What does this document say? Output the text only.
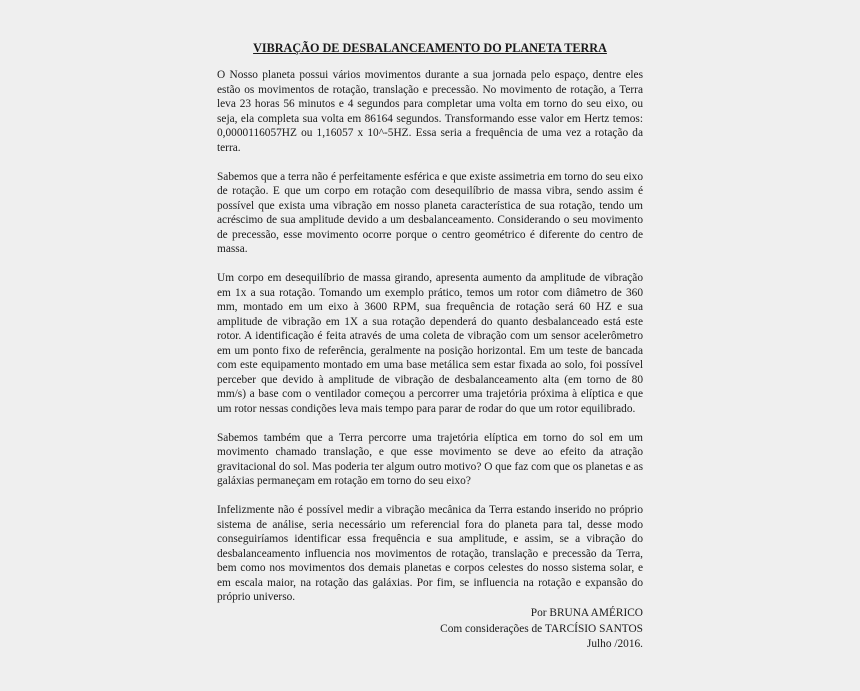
VIBRAÇÃO DE DESBALANCEAMENTO DO PLANETA TERRA

O Nosso planeta possui vários movimentos durante a sua jornada pelo espaço, dentre eles estão os movimentos de rotação, translação e precessão. No movimento de rotação, a Terra leva 23 horas 56 minutos e 4 segundos para completar uma volta em torno do seu eixo, ou seja, ela completa sua volta em 86164 segundos. Transformando esse valor em Hertz temos: 0,0000116057HZ ou 1,16057 x 10^-5HZ. Essa seria a frequência de uma vez a rotação da terra.

Sabemos que a terra não é perfeitamente esférica e que existe assimetria em torno do seu eixo de rotação. E que um corpo em rotação com desequilíbrio de massa vibra, sendo assim é possível que exista uma vibração em nosso planeta característica de sua rotação, tendo um acréscimo de sua amplitude devido a um desbalanceamento. Considerando o seu movimento de precessão, esse movimento ocorre porque o centro geométrico é diferente do centro de massa.

Um corpo em desequilíbrio de massa girando, apresenta aumento da amplitude de vibração em 1x a sua rotação. Tomando um exemplo prático, temos um rotor com diâmetro de 360 mm, montado em um eixo à 3600 RPM, sua frequência de rotação será 60 HZ e sua amplitude de vibração em 1X a sua rotação dependerá do quanto desbalanceado está este rotor. A identificação é feita através de uma coleta de vibração com um sensor acelerômetro em um ponto fixo de referência, geralmente na posição horizontal. Em um teste de bancada com este equipamento montado em uma base metálica sem estar fixada ao solo, foi possível perceber que devido à amplitude de vibração de desbalanceamento alta (em torno de 80 mm/s) a base com o ventilador começou a percorrer uma trajetória próxima à elípticа e que um rotor nessas condições leva mais tempo para parar de rodar do que um rotor equilibrado.

Sabemos também que a Terra percorre uma trajetória elíptica em torno do sol em um movimento chamado translação, e que esse movimento se deve ao efeito da atração gravitacional do sol. Mas poderia ter algum outro motivo? O que faz com que os planetas e as galáxias permaneçam em rotação em torno do seu eixo?

Infelizmente não é possível medir a vibração mecânica da Terra estando inserido no próprio sistema de análise, seria necessário um referencial fora do planeta para tal, desse modo conseguiríamos identificar essa frequência e sua amplitude, e assim, se a vibração do desbalanceamento influencia nos movimentos de rotação, translação e precessão da Terra, bem como nos movimentos dos demais planetas e corpos celestes do nosso sistema solar, e em escala maior, na rotação das galáxias. Por fim, se influencia na rotação e expansão do próprio universo.

Por BRUNA AMÉRICO
Com considerações de TARCÍSIO SANTOS
Julho /2016.
